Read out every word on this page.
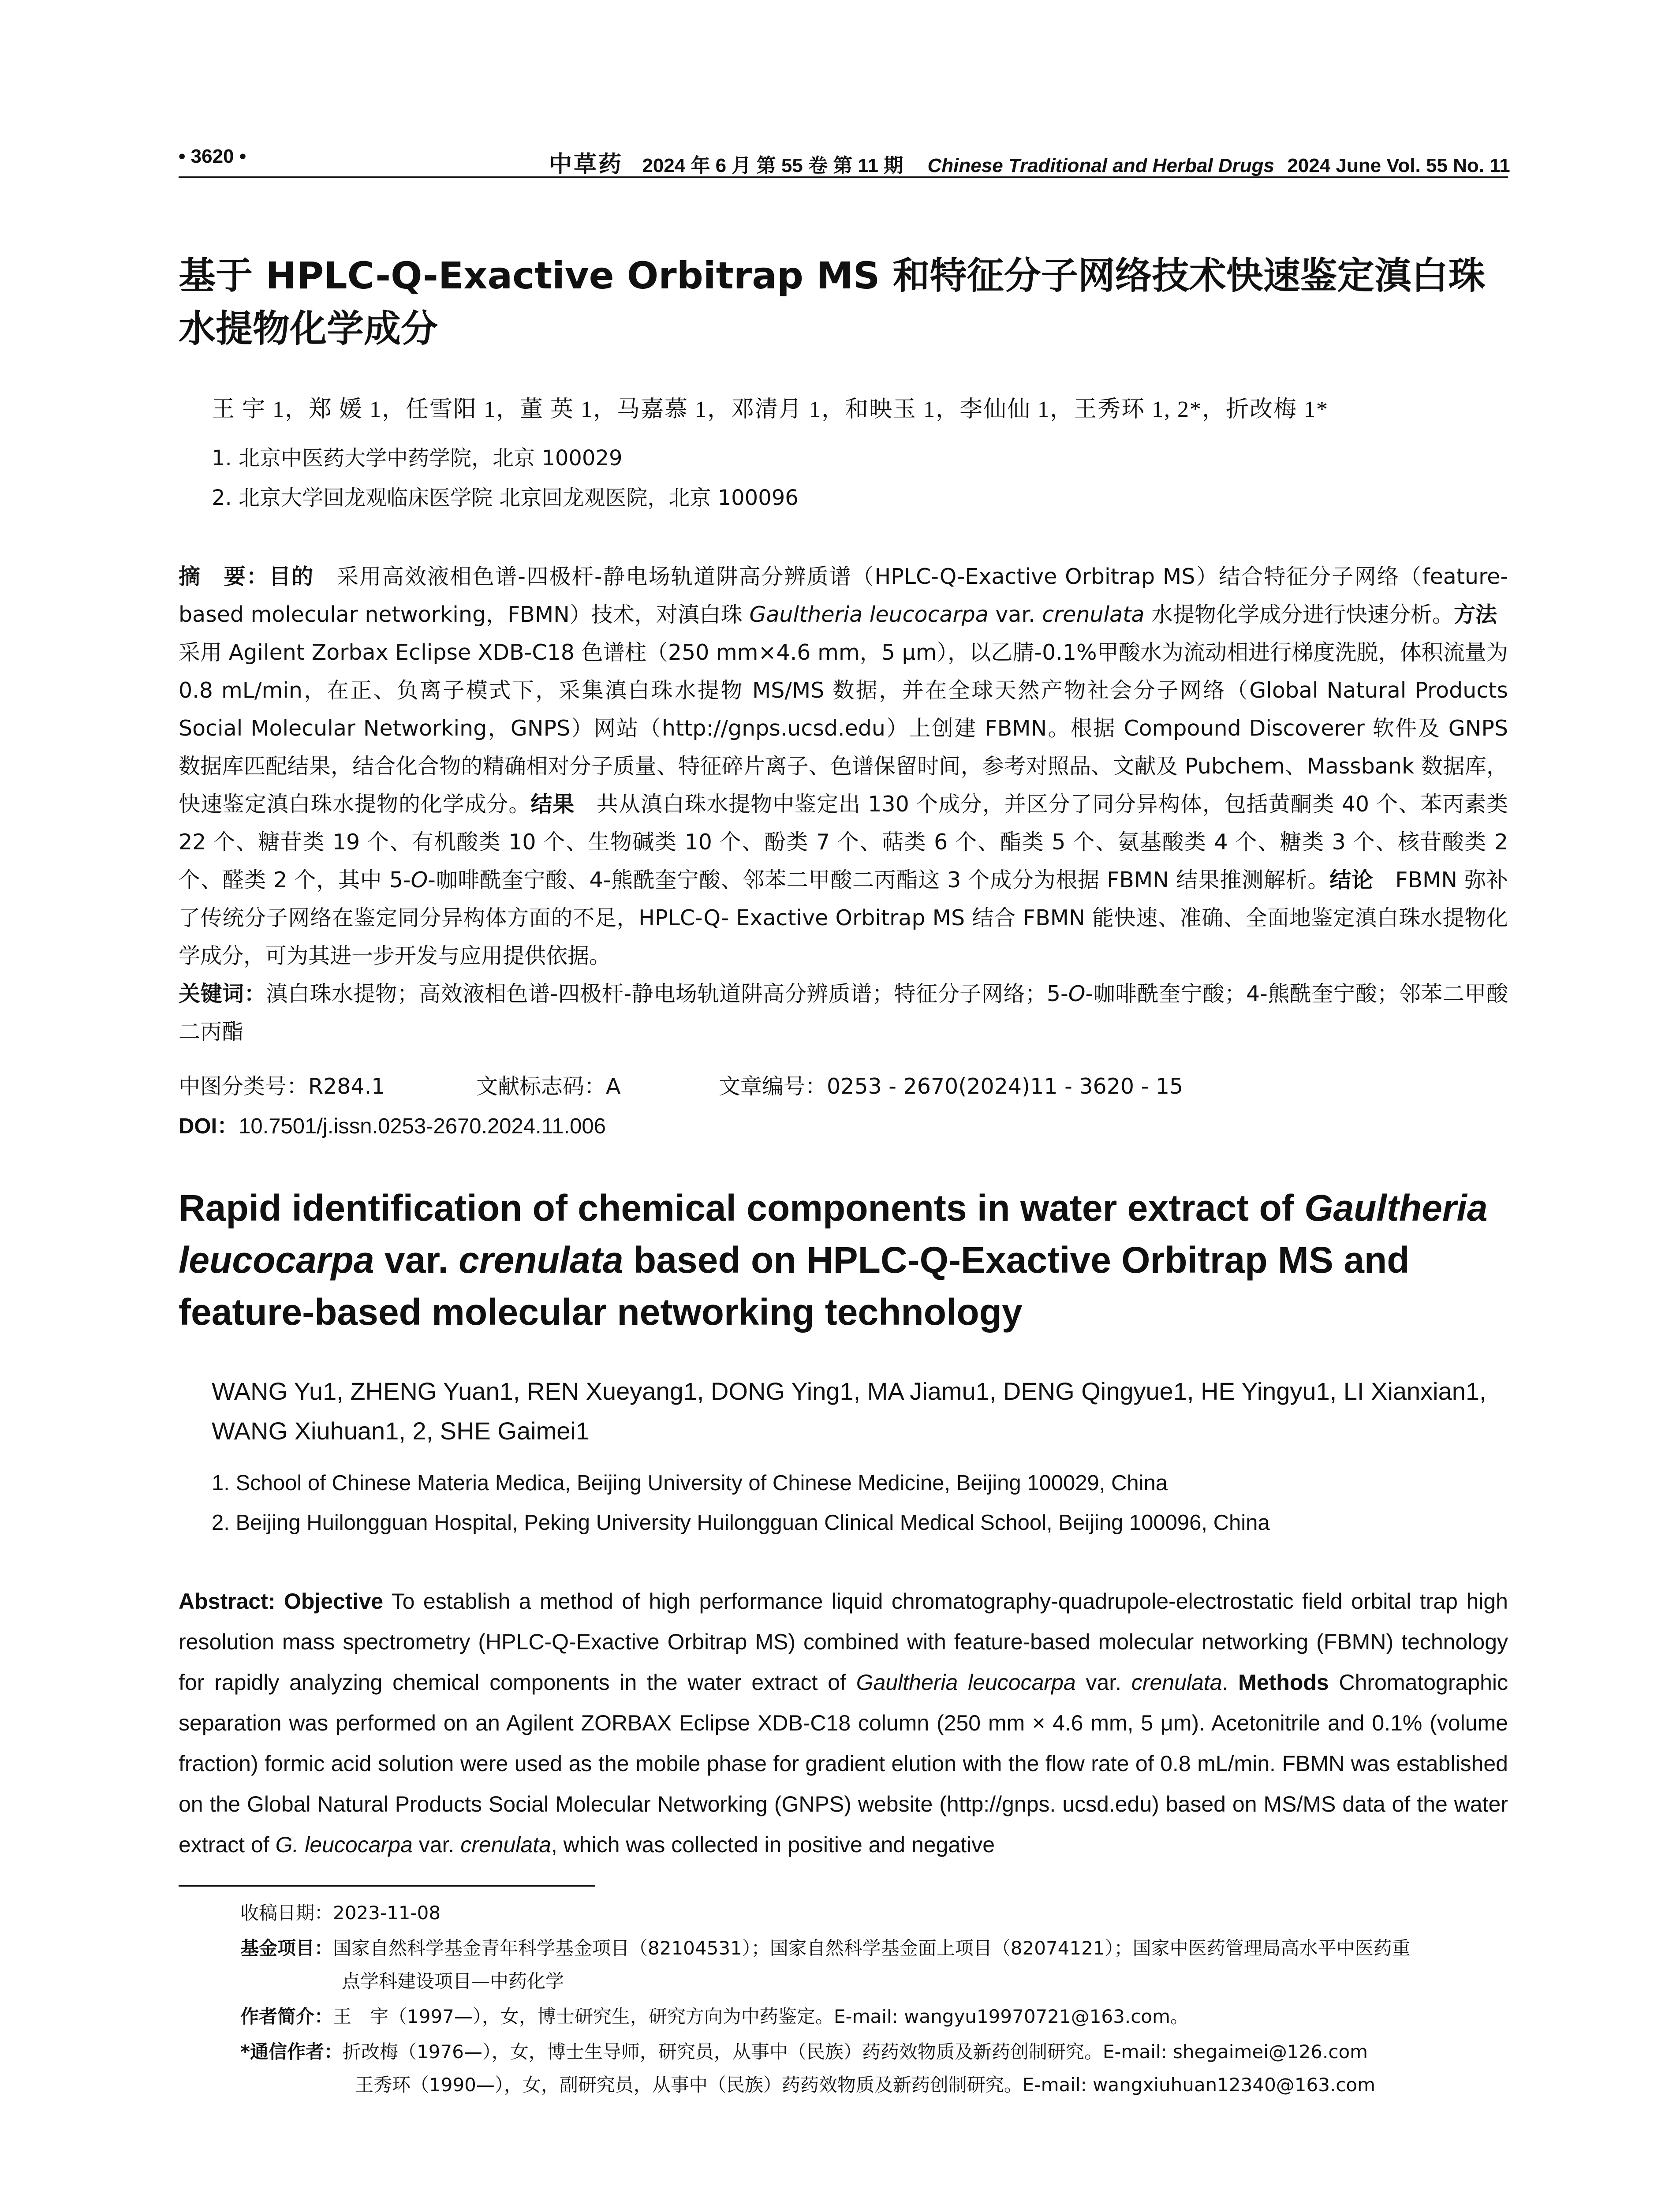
• 3620 •	中草药 2024 年 6 月 第 55 卷 第 11 期 Chinese Traditional and Herbal Drugs 2024 June Vol. 55 No. 11
基于 HPLC-Q-Exactive Orbitrap MS 和特征分子网络技术快速鉴定滇白珠
水提物化学成分
王 宇 1，郑 媛 1，任雪阳 1，董 英 1，马嘉慕 1，邓清月 1，和映玉 1，李仙仙 1，王秀环 1, 2*，折改梅 1*
1. 北京中医药大学中药学院，北京 100029
2. 北京大学回龙观临床医学院 北京回龙观医院，北京 100096

摘　要：目的　采用高效液相色谱-四极杆-静电场轨道阱高分辨质谱（HPLC-Q-Exactive Orbitrap MS）结合特征分子网络（feature-based molecular networking，FBMN）技术，对滇白珠 Gaultheria leucocarpa var. crenulata 水提物化学成分进行快速分析。方法　采用 Agilent Zorbax Eclipse XDB-C18 色谱柱（250 mm×4.6 mm，5 μm），以乙腈-0.1%甲酸水为流动相进行梯度洗脱，体积流量为 0.8 mL/min，在正、负离子模式下，采集滇白珠水提物 MS/MS 数据，并在全球天然产物社会分子网络（Global Natural Products Social Molecular Networking，GNPS）网站（http://gnps.ucsd.edu）上创建 FBMN。根据 Compound Discoverer 软件及 GNPS 数据库匹配结果，结合化合物的精确相对分子质量、特征碎片离子、色谱保留时间，参考对照品、文献及 Pubchem、Massbank 数据库，快速鉴定滇白珠水提物的化学成分。结果　共从滇白珠水提物中鉴定出 130 个成分，并区分了同分异构体，包括黄酮类 40 个、苯丙素类 22 个、糖苷类 19 个、有机酸类 10 个、生物碱类 10 个、酚类 7 个、萜类 6 个、酯类 5 个、氨基酸类 4 个、糖类 3 个、核苷酸类 2 个、醛类 2 个，其中 5-O-咖啡酰奎宁酸、4-熊酰奎宁酸、邻苯二甲酸二丙酯这 3 个成分为根据 FBMN 结果推测解析。结论　FBMN 弥补了传统分子网络在鉴定同分异构体方面的不足，HPLC-Q- Exactive Orbitrap MS 结合 FBMN 能快速、准确、全面地鉴定滇白珠水提物化学成分，可为其进一步开发与应用提供依据。

关键词：滇白珠水提物；高效液相色谱-四极杆-静电场轨道阱高分辨质谱；特征分子网络；5-O-咖啡酰奎宁酸；4-熊酰奎宁酸；邻苯二甲酸二丙酯

中图分类号：R284.1	文献标志码：A	文章编号：0253 - 2670(2024)11 - 3620 - 15
DOI：10.7501/j.issn.0253-2670.2024.11.006
Rapid identification of chemical components in water extract of Gaultheria leucocarpa var. crenulata based on HPLC-Q-Exactive Orbitrap MS and feature-based molecular networking technology
WANG Yu1, ZHENG Yuan1, REN Xueyang1, DONG Ying1, MA Jiamu1, DENG Qingyue1, HE Yingyu1, LI Xianxian1, WANG Xiuhuan1, 2, SHE Gaimei1
1. School of Chinese Materia Medica, Beijing University of Chinese Medicine, Beijing 100029, China
2. Beijing Huilongguan Hospital, Peking University Huilongguan Clinical Medical School, Beijing 100096, China

Abstract: Objective To establish a method of high performance liquid chromatography-quadrupole-electrostatic field orbital trap high resolution mass spectrometry (HPLC-Q-Exactive Orbitrap MS) combined with feature-based molecular networking (FBMN) technology for rapidly analyzing chemical components in the water extract of Gaultheria leucocarpa var. crenulata. Methods Chromatographic separation was performed on an Agilent ZORBAX Eclipse XDB-C18 column (250 mm × 4.6 mm, 5 μm). Acetonitrile and 0.1% (volume fraction) formic acid solution were used as the mobile phase for gradient elution with the flow rate of 0.8 mL/min. FBMN was established on the Global Natural Products Social Molecular Networking (GNPS) website (http://gnps. ucsd.edu) based on MS/MS data of the water extract of G. leucocarpa var. crenulata, which was collected in positive and negative

收稿日期：2023-11-08
基金项目：国家自然科学基金青年科学基金项目（82104531）；国家自然科学基金面上项目（82074121）；国家中医药管理局高水平中医药重
点学科建设项目—中药化学
作者简介：王　宇（1997—），女，博士研究生，研究方向为中药鉴定。E-mail: wangyu19970721@163.com。
*通信作者：折改梅（1976—），女，博士生导师，研究员，从事中（民族）药药效物质及新药创制研究。E-mail: shegaimei@126.com
王秀环（1990—），女，副研究员，从事中（民族）药药效物质及新药创制研究。E-mail: wangxiuhuan12340@163.com
